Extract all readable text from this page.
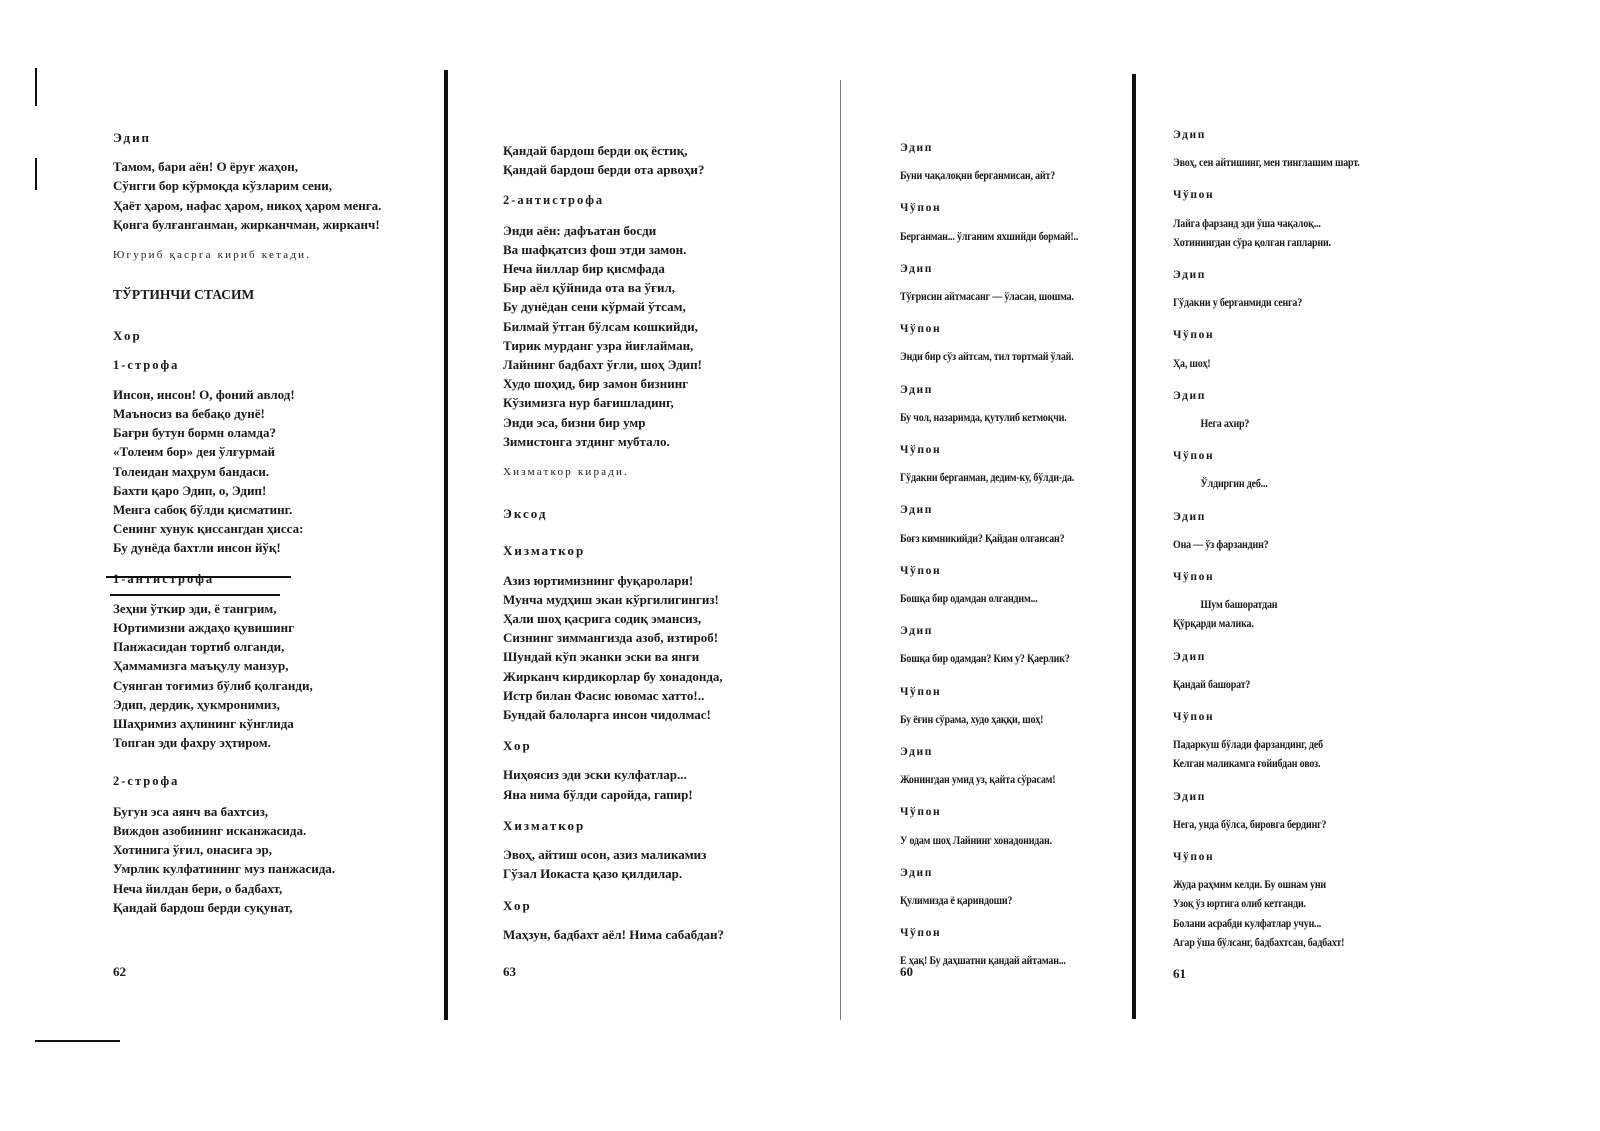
Эдип
Тамом, бари аён! О ёруғ жаҳон,
Сўнгги бор кўрмоқда кўзларим сени,
Ҳаёт ҳаром, нафас ҳаром, никоҳ ҳаром менга.
Қонга булғанганман, жирканчман, жирканч!
Югуриб қасрга кириб кетади.
ТЎРТИНЧИ СТАСИМ
Хор
1-строфа
Инсон, инсон! О, фоний авлод!
Маъносиз ва бебақо дунё!
Бағри бутун бормн оламда?
«Толеим бор» дея ўлғурмай
Толеидан маҳрум бандаси.
Бахти қаро Эдип, о, Эдип!
Менга сабоқ бўлди қисматинг.
Сенинг хунук қиссангдан ҳисса:
Бу дунёда бахтли инсон йўқ!
1-антистрофа
Зеҳни ўткир эди, ё тангрим,
Юртимизни аждаҳо қувишинг
Панжасидан тортиб олганди,
Ҳаммамизга маъқулу манзур,
Суянган тоғимиз бўлиб қолганди,
Эдип, дердик, ҳукмронимиз,
Шаҳримиз аҳлининг кўнглида
Топган эди фахру эҳтиром.
2-строфа
Бугун эса аянч ва бахтсиз,
Виждон азобининг исканжасида.
Хотинига ўғил, онасига эр,
Умрлик кулфатининг муз панжасида.
Неча йилдан бери, о бадбахт,
Қандай бардош берди суқунат,
62
Қандай бардош берди оқ ёстиқ,
Қандай бардош берди ота арвоҳи?
2-антистрофа
Энди аён: дафъатан босди
Ва шафқатсиз фош этди замон.
Неча йиллар бир қисмфада
Бир аёл қўйнида ота ва ўғил,
Бу дунёдан сени кўрмай ўтсам,
Билмай ўтган бўлсам кошкийди,
Тирик мурданг узра йиғлайман,
Лайнинг бадбахт ўғли, шоҳ Эдип!
Худо шоҳид, бир замон бизнинг
Кўзимизга нур бағишладинг,
Энди эса, бизни бир умр
Зимистонга этдинг мубтало.
Хизматкор киради.
Эксод
Хизматкор
Азиз юртимизнинг фуқаролари!
Мунча мудҳиш экан кўргилигингиз!
Ҳали шоҳ қасрига содиқ эмансиз,
Сизнинг зиммангизда азоб, изтироб!
Шундай кўп эканки эски ва янги
Жирканч кирдикорлар бу хонадонда,
Истр билан Фасис ювомас хатто!..
Бундай балоларга инсон чидолмас!
Хор
Ниҳоясиз эди эски кулфатлар...
Яна нима бўлди саройда, гапир!
Хизматкор
Эвоҳ, айтиш осон, азиз маликамиз
Гўзал Иокаста қазо қилдилар.
Хор
Маҳзун, бадбахт аёл! Нима сабабдан?
63
Эдип
Буни чақалоқни берганмисан, айт?
Чўпон
Берганман... ўлганим яхшийди бормай!..
Эдип
Тўғрисин айтмасанг — ўласан, шошма.
Чўпон
Энди бир сўз айтсам, тил тортмай ўлай.
Эдип
Бу чол, назаримда, қутулиб кетмоқчи.
Чўпон
Гўдакни берганман, дедим-ку, бўлди-да.
Эдип
Боғз кимникийди? Қайдан олгансан?
Чўпон
Бошқа бир одамдан олгандим...
Эдип
Бошқа бир одамдан? Ким у? Қаерлик?
Чўпон
Бу ёғин сўрама, худо ҳаққи, шоҳ!
Эдип
Жонингдан умид уз, қайта сўрасам!
Чўпон
У одам шоҳ Лайнинг хонадонидан.
Эдип
Қулимизда ё қариндоши?
Чўпон
Е ҳақ! Бу даҳшатни қандай айтаман...
60
Эдип
Эвоҳ, сен айтишинг, мен тинглашим шарт.
Чўпон
Лайга фарзанд эди ўша чақалоқ...
Хотинингдан сўра қолган гапларни.
Эдип
Гўдакни у берганмиди сенга?
Чўпон
Ҳа, шоҳ!
Эдип
Нега ахир?
Чўпон
Ўлдиргин деб...
Эдип
Она — ўз фарзандин?
Чўпон
Шум башоратдан
Қўрқарди малика.
Эдип
Қандай башорат?
Чўпон
Падаркуш бўлади фарзандинг, деб
Келган маликамга ғойибдан овоз.
Эдип
Нега, унда бўлса, бировга бердинг?
Чўпон
Жуда раҳмим келди. Бу ошнам уни
Узоқ ўз юртига олиб кетганди.
Болани асрабди кулфатлар учун...
Агар ўша бўлсанг, бадбахтсан, бадбахт!
61
